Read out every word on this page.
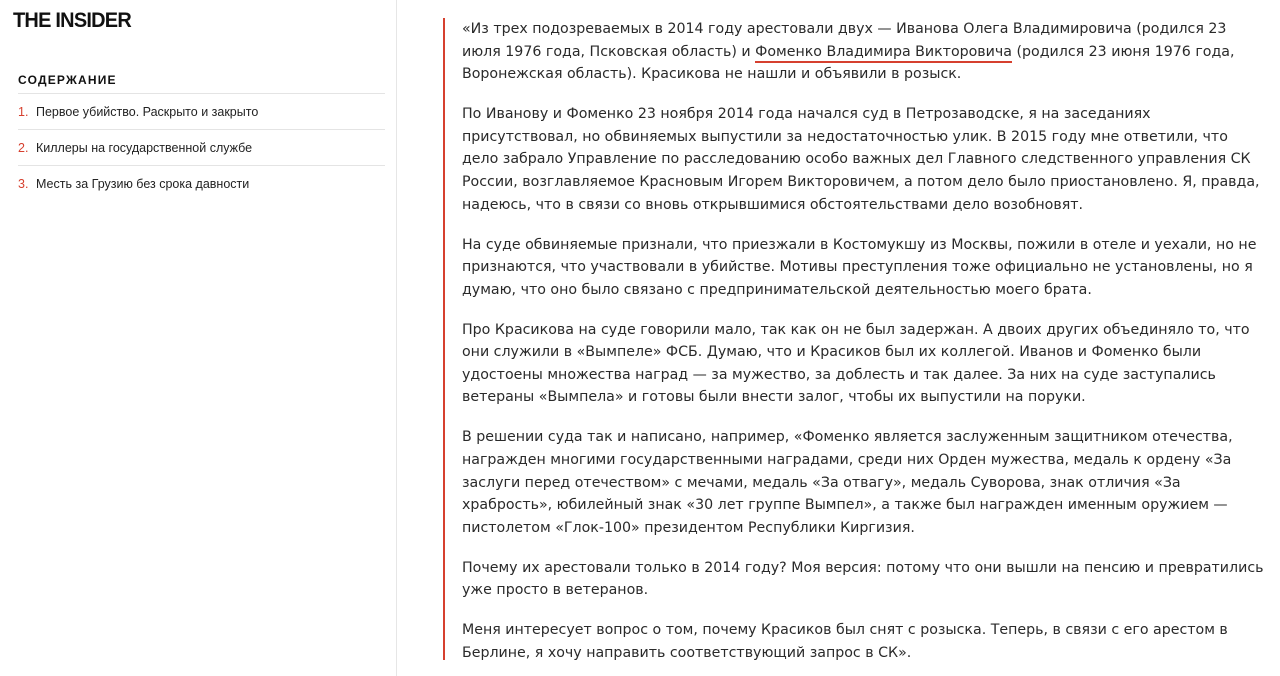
THE INSIDER
СОДЕРЖАНИЕ
1. Первое убийство. Раскрыто и закрыто
2. Киллеры на государственной службе
3. Месть за Грузию без срока давности

«Из трех подозреваемых в 2014 году арестовали двух — Иванова Олега Владимировича (родился 23 июля 1976 года, Псковская область) и Фоменко Владимира Викторовича (родился 23 июня 1976 года, Воронежская область). Красикова не нашли и объявили в розыск.

По Иванову и Фоменко 23 ноября 2014 года начался суд в Петрозаводске, я на заседаниях присутствовал, но обвиняемых выпустили за недостаточностью улик. В 2015 году мне ответили, что дело забрало Управление по расследованию особо важных дел Главного следственного управления СК России, возглавляемое Красновым Игорем Викторовичем, а потом дело было приостановлено. Я, правда, надеюсь, что в связи со вновь открывшимися обстоятельствами дело возобновят.

На суде обвиняемые признали, что приезжали в Костомукшу из Москвы, пожили в отеле и уехали, но не признаются, что участвовали в убийстве. Мотивы преступления тоже официально не установлены, но я думаю, что оно было связано с предпринимательской деятельностью моего брата.

Про Красикова на суде говорили мало, так как он не был задержан. А двоих других объединяло то, что они служили в «Вымпеле» ФСБ. Думаю, что и Красиков был их коллегой. Иванов и Фоменко были удостоены множества наград — за мужество, за доблесть и так далее. За них на суде заступались ветераны «Вымпела» и готовы были внести залог, чтобы их выпустили на поруки.

В решении суда так и написано, например, «Фоменко является заслуженным защитником отечества, награжден многими государственными наградами, среди них Орден мужества, медаль к ордену «За заслуги перед отечеством» с мечами, медаль «За отвагу», медаль Суворова, знак отличия «За храбрость», юбилейный знак «30 лет группе Вымпел», а также был награжден именным оружием — пистолетом «Глок-100» президентом Республики Киргизия.

Почему их арестовали только в 2014 году? Моя версия: потому что они вышли на пенсию и превратились уже просто в ветеранов.

Меня интересует вопрос о том, почему Красиков был снят с розыска. Теперь, в связи с его арестом в Берлине, я хочу направить соответствующий запрос в СК».
